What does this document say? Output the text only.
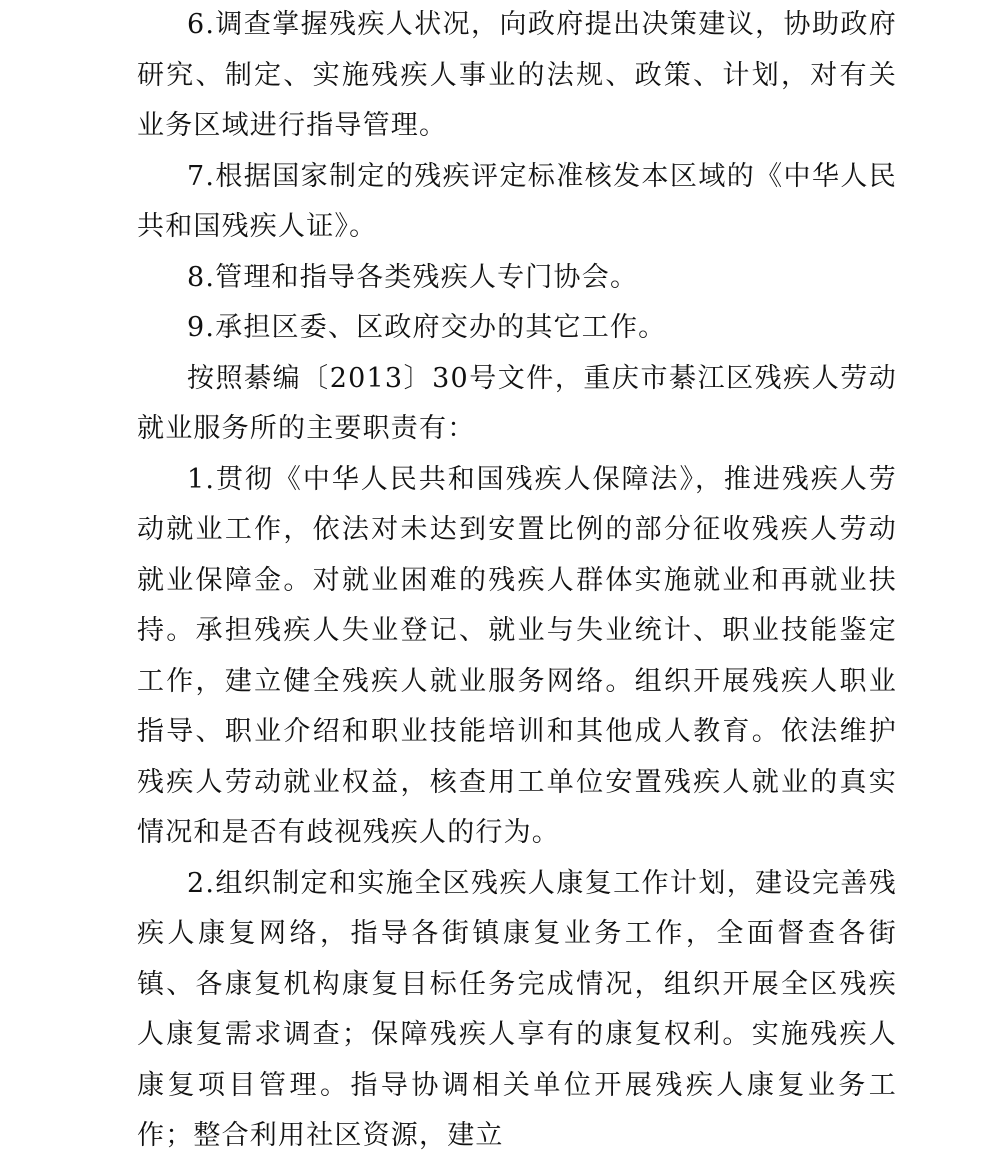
6.调查掌握残疾人状况，向政府提出决策建议，协助政府研究、制定、实施残疾人事业的法规、政策、计划，对有关业务区域进行指导管理。

7.根据国家制定的残疾评定标准核发本区域的《中华人民共和国残疾人证》。

8.管理和指导各类残疾人专门协会。

9.承担区委、区政府交办的其它工作。

按照綦编〔2013〕30号文件，重庆市綦江区残疾人劳动就业服务所的主要职责有：

1.贯彻《中华人民共和国残疾人保障法》，推进残疾人劳动就业工作，依法对未达到安置比例的部分征收残疾人劳动就业保障金。对就业困难的残疾人群体实施就业和再就业扶持。承担残疾人失业登记、就业与失业统计、职业技能鉴定工作，建立健全残疾人就业服务网络。组织开展残疾人职业指导、职业介绍和职业技能培训和其他成人教育。依法维护残疾人劳动就业权益，核查用工单位安置残疾人就业的真实情况和是否有歧视残疾人的行为。

2.组织制定和实施全区残疾人康复工作计划，建设完善残疾人康复网络，指导各街镇康复业务工作，全面督查各街镇、各康复机构康复目标任务完成情况，组织开展全区残疾人康复需求调查；保障残疾人享有的康复权利。实施残疾人康复项目管理。指导协调相关单位开展残疾人康复业务工作；整合利用社区资源，建立
